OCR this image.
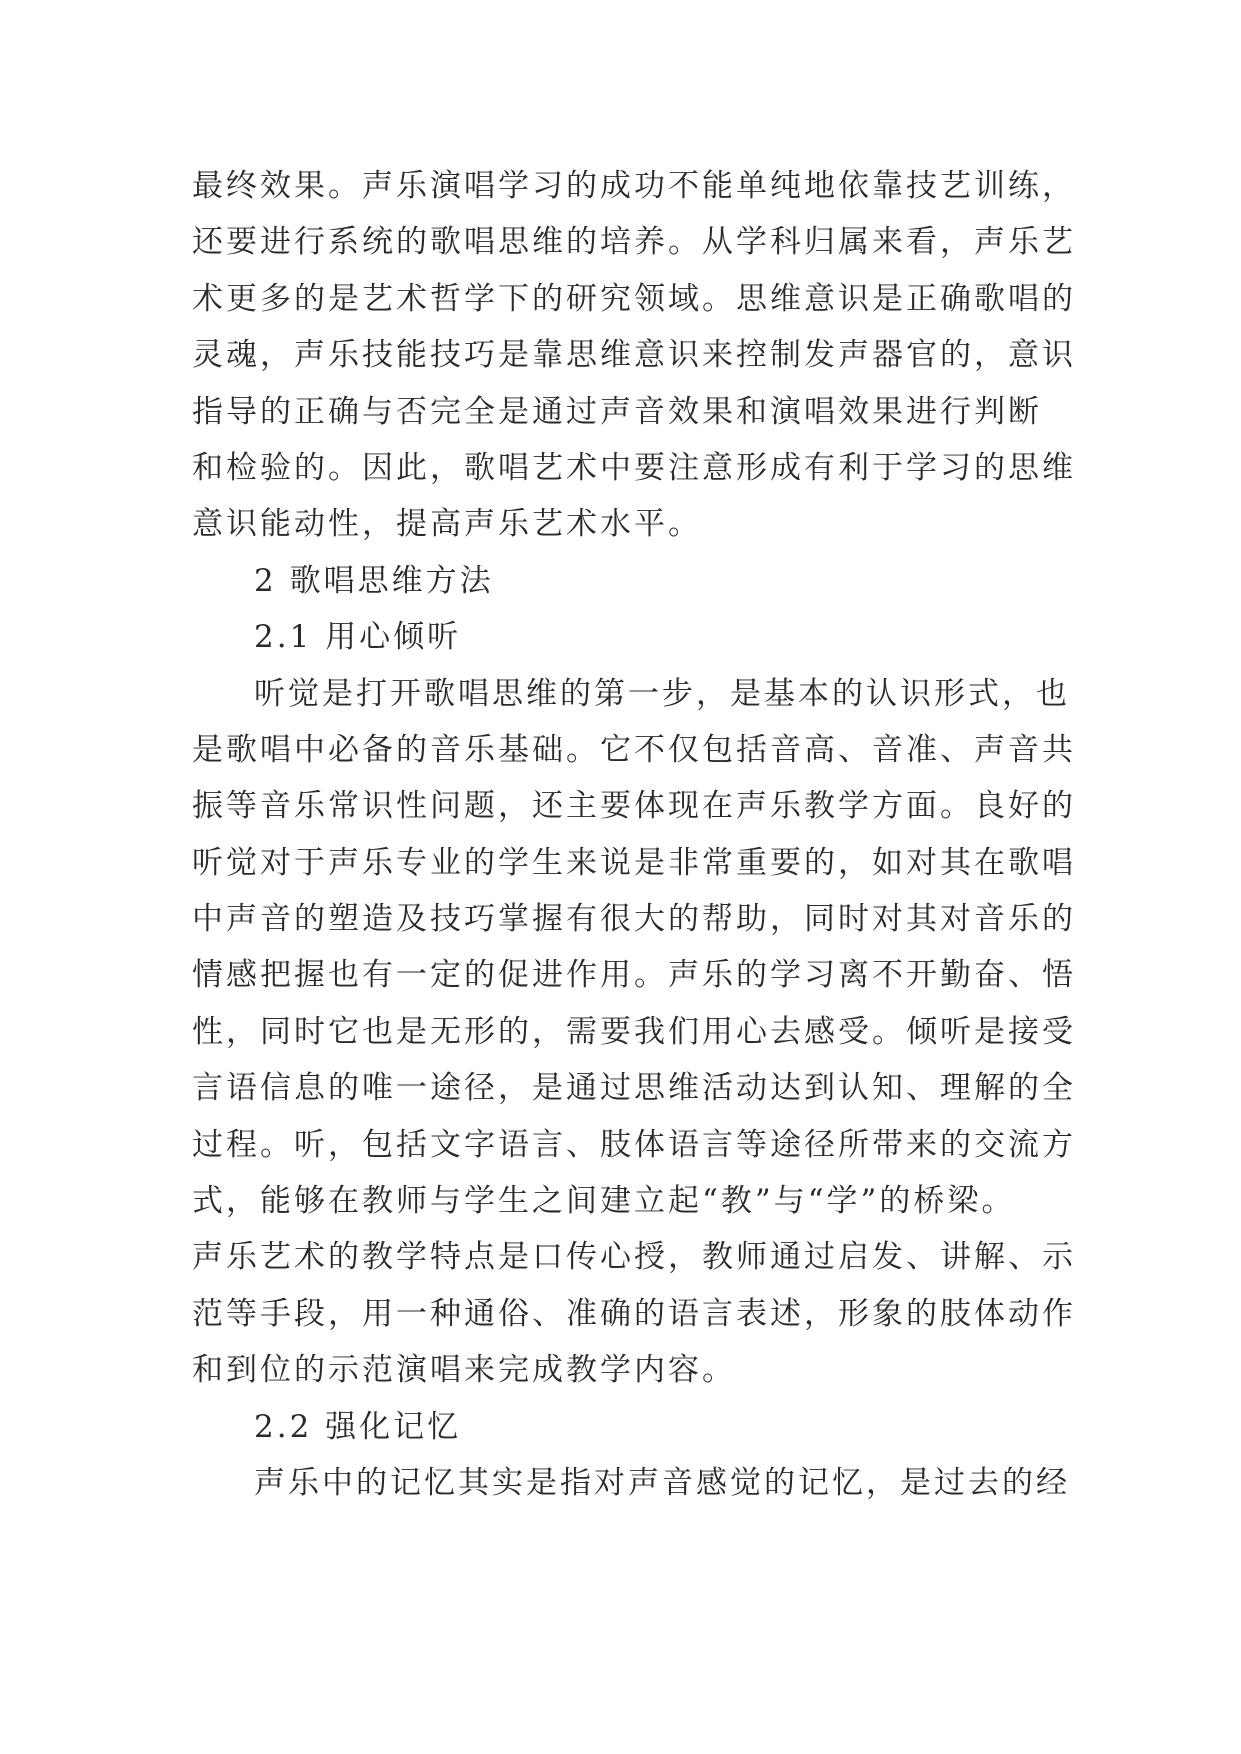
最终效果。声乐演唱学习的成功不能单纯地依靠技艺训练，

还要进行系统的歌唱思维的培养。从学科归属来看，声乐艺

术更多的是艺术哲学下的研究领域。思维意识是正确歌唱的

灵魂，声乐技能技巧是靠思维意识来控制发声器官的，意识

指导的正确与否完全是通过声音效果和演唱效果进行判断

和检验的。因此，歌唱艺术中要注意形成有利于学习的思维

意识能动性，提高声乐艺术水平。

2 歌唱思维方法

2.1 用心倾听

听觉是打开歌唱思维的第一步，是基本的认识形式，也

是歌唱中必备的音乐基础。它不仅包括音高、音准、声音共

振等音乐常识性问题，还主要体现在声乐教学方面。良好的

听觉对于声乐专业的学生来说是非常重要的，如对其在歌唱

中声音的塑造及技巧掌握有很大的帮助，同时对其对音乐的

情感把握也有一定的促进作用。声乐的学习离不开勤奋、悟

性，同时它也是无形的，需要我们用心去感受。倾听是接受

言语信息的唯一途径，是通过思维活动达到认知、理解的全

过程。听，包括文字语言、肢体语言等途径所带来的交流方

式，能够在教师与学生之间建立起“教”与“学”的桥梁。

声乐艺术的教学特点是口传心授，教师通过启发、讲解、示

范等手段，用一种通俗、准确的语言表述，形象的肢体动作

和到位的示范演唱来完成教学内容。

2.2 强化记忆

声乐中的记忆其实是指对声音感觉的记忆，是过去的经
